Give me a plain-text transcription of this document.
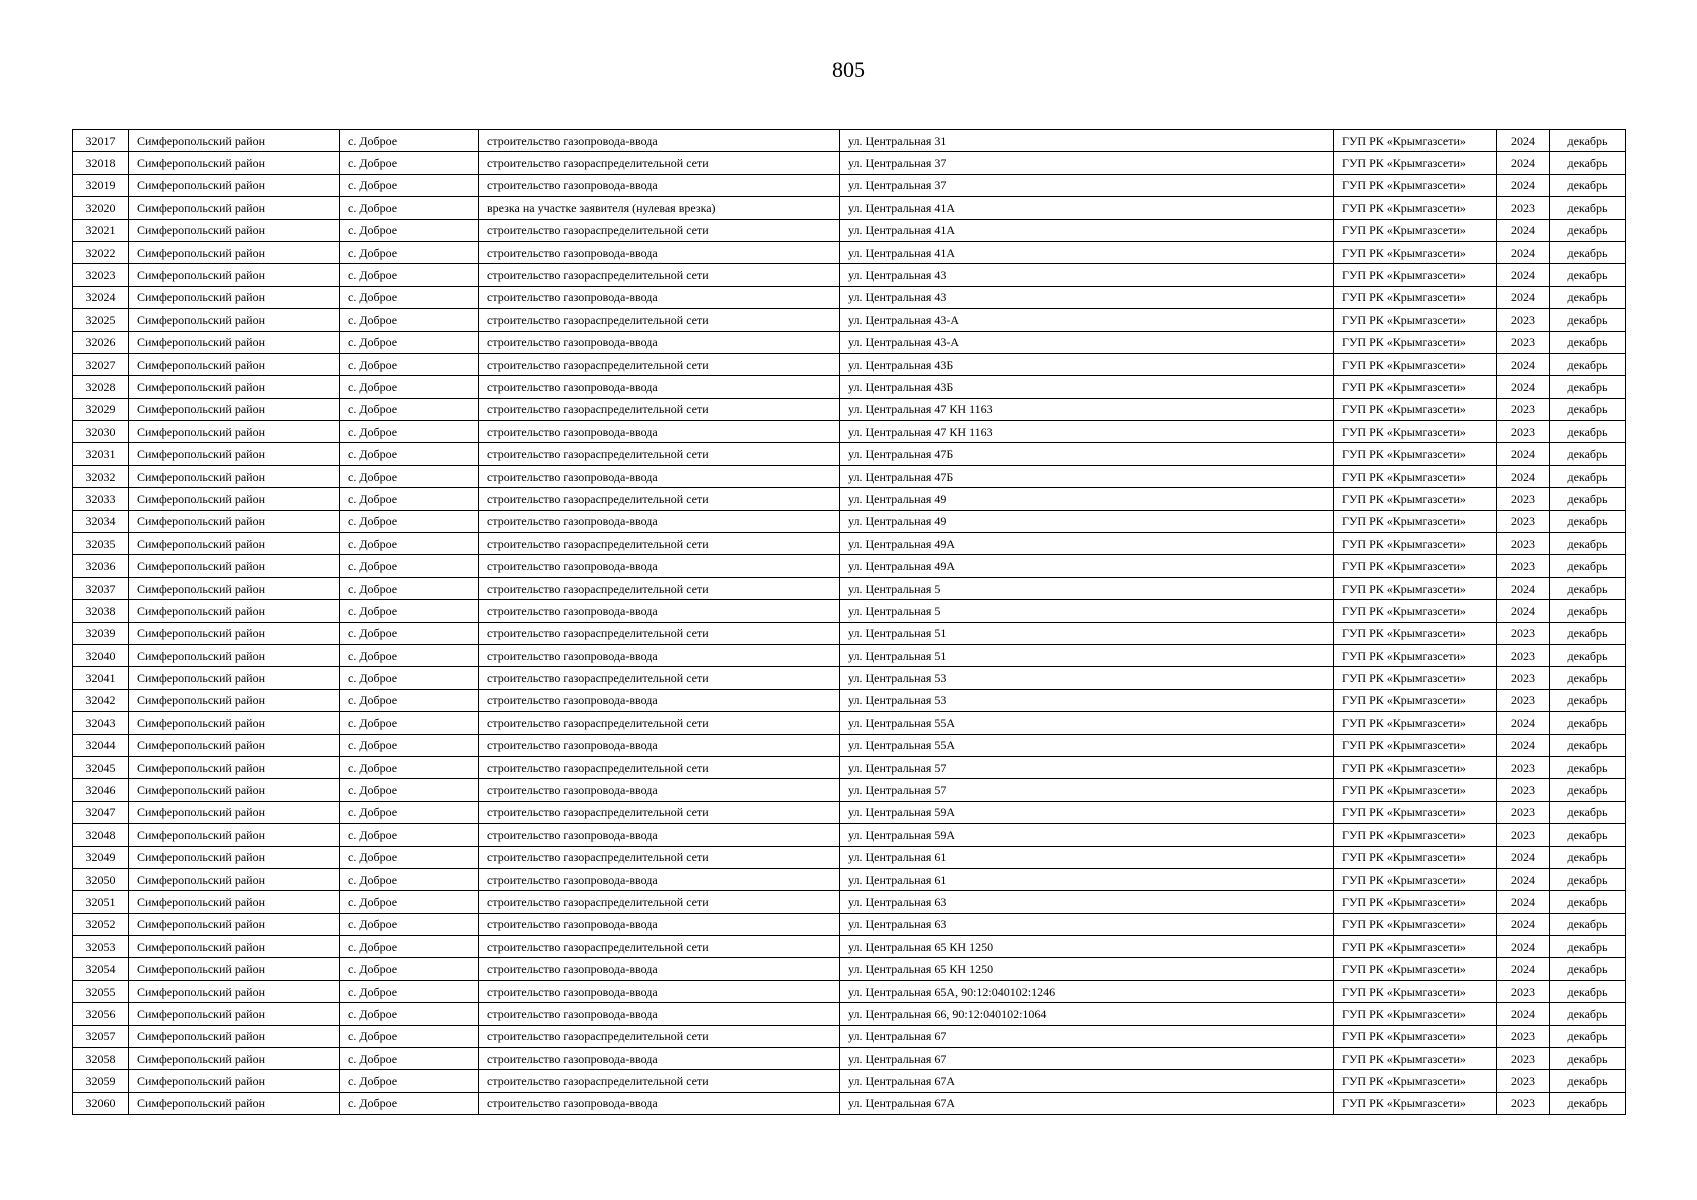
805
32017	Симферопольский район	с. Доброе	строительство газопровода-ввода	ул. Центральная 31	ГУП РК «Крымгазсети»	2024	декабрь
32018	Симферопольский район	с. Доброе	строительство газораспределительной сети	ул. Центральная 37	ГУП РК «Крымгазсети»	2024	декабрь
32019	Симферопольский район	с. Доброе	строительство газопровода-ввода	ул. Центральная 37	ГУП РК «Крымгазсети»	2024	декабрь
32020	Симферопольский район	с. Доброе	врезка на участке заявителя (нулевая врезка)	ул. Центральная 41А	ГУП РК «Крымгазсети»	2023	декабрь
32021	Симферопольский район	с. Доброе	строительство газораспределительной сети	ул. Центральная 41А	ГУП РК «Крымгазсети»	2024	декабрь
32022	Симферопольский район	с. Доброе	строительство газопровода-ввода	ул. Центральная 41А	ГУП РК «Крымгазсети»	2024	декабрь
32023	Симферопольский район	с. Доброе	строительство газораспределительной сети	ул. Центральная 43	ГУП РК «Крымгазсети»	2024	декабрь
32024	Симферопольский район	с. Доброе	строительство газопровода-ввода	ул. Центральная 43	ГУП РК «Крымгазсети»	2024	декабрь
32025	Симферопольский район	с. Доброе	строительство газораспределительной сети	ул. Центральная 43-А	ГУП РК «Крымгазсети»	2023	декабрь
32026	Симферопольский район	с. Доброе	строительство газопровода-ввода	ул. Центральная 43-А	ГУП РК «Крымгазсети»	2023	декабрь
32027	Симферопольский район	с. Доброе	строительство газораспределительной сети	ул. Центральная 43Б	ГУП РК «Крымгазсети»	2024	декабрь
32028	Симферопольский район	с. Доброе	строительство газопровода-ввода	ул. Центральная 43Б	ГУП РК «Крымгазсети»	2024	декабрь
32029	Симферопольский район	с. Доброе	строительство газораспределительной сети	ул. Центральная 47 КН 1163	ГУП РК «Крымгазсети»	2023	декабрь
32030	Симферопольский район	с. Доброе	строительство газопровода-ввода	ул. Центральная 47 КН 1163	ГУП РК «Крымгазсети»	2023	декабрь
32031	Симферопольский район	с. Доброе	строительство газораспределительной сети	ул. Центральная 47Б	ГУП РК «Крымгазсети»	2024	декабрь
32032	Симферопольский район	с. Доброе	строительство газопровода-ввода	ул. Центральная 47Б	ГУП РК «Крымгазсети»	2024	декабрь
32033	Симферопольский район	с. Доброе	строительство газораспределительной сети	ул. Центральная 49	ГУП РК «Крымгазсети»	2023	декабрь
32034	Симферопольский район	с. Доброе	строительство газопровода-ввода	ул. Центральная 49	ГУП РК «Крымгазсети»	2023	декабрь
32035	Симферопольский район	с. Доброе	строительство газораспределительной сети	ул. Центральная 49А	ГУП РК «Крымгазсети»	2023	декабрь
32036	Симферопольский район	с. Доброе	строительство газопровода-ввода	ул. Центральная 49А	ГУП РК «Крымгазсети»	2023	декабрь
32037	Симферопольский район	с. Доброе	строительство газораспределительной сети	ул. Центральная 5	ГУП РК «Крымгазсети»	2024	декабрь
32038	Симферопольский район	с. Доброе	строительство газопровода-ввода	ул. Центральная 5	ГУП РК «Крымгазсети»	2024	декабрь
32039	Симферопольский район	с. Доброе	строительство газораспределительной сети	ул. Центральная 51	ГУП РК «Крымгазсети»	2023	декабрь
32040	Симферопольский район	с. Доброе	строительство газопровода-ввода	ул. Центральная 51	ГУП РК «Крымгазсети»	2023	декабрь
32041	Симферопольский район	с. Доброе	строительство газораспределительной сети	ул. Центральная 53	ГУП РК «Крымгазсети»	2023	декабрь
32042	Симферопольский район	с. Доброе	строительство газопровода-ввода	ул. Центральная 53	ГУП РК «Крымгазсети»	2023	декабрь
32043	Симферопольский район	с. Доброе	строительство газораспределительной сети	ул. Центральная 55А	ГУП РК «Крымгазсети»	2024	декабрь
32044	Симферопольский район	с. Доброе	строительство газопровода-ввода	ул. Центральная 55А	ГУП РК «Крымгазсети»	2024	декабрь
32045	Симферопольский район	с. Доброе	строительство газораспределительной сети	ул. Центральная 57	ГУП РК «Крымгазсети»	2023	декабрь
32046	Симферопольский район	с. Доброе	строительство газопровода-ввода	ул. Центральная 57	ГУП РК «Крымгазсети»	2023	декабрь
32047	Симферопольский район	с. Доброе	строительство газораспределительной сети	ул. Центральная 59А	ГУП РК «Крымгазсети»	2023	декабрь
32048	Симферопольский район	с. Доброе	строительство газопровода-ввода	ул. Центральная 59А	ГУП РК «Крымгазсети»	2023	декабрь
32049	Симферопольский район	с. Доброе	строительство газораспределительной сети	ул. Центральная 61	ГУП РК «Крымгазсети»	2024	декабрь
32050	Симферопольский район	с. Доброе	строительство газопровода-ввода	ул. Центральная 61	ГУП РК «Крымгазсети»	2024	декабрь
32051	Симферопольский район	с. Доброе	строительство газораспределительной сети	ул. Центральная 63	ГУП РК «Крымгазсети»	2024	декабрь
32052	Симферопольский район	с. Доброе	строительство газопровода-ввода	ул. Центральная 63	ГУП РК «Крымгазсети»	2024	декабрь
32053	Симферопольский район	с. Доброе	строительство газораспределительной сети	ул. Центральная 65 КН 1250	ГУП РК «Крымгазсети»	2024	декабрь
32054	Симферопольский район	с. Доброе	строительство газопровода-ввода	ул. Центральная 65 КН 1250	ГУП РК «Крымгазсети»	2024	декабрь
32055	Симферопольский район	с. Доброе	строительство газопровода-ввода	ул. Центральная 65А, 90:12:040102:1246	ГУП РК «Крымгазсети»	2023	декабрь
32056	Симферопольский район	с. Доброе	строительство газопровода-ввода	ул. Центральная 66, 90:12:040102:1064	ГУП РК «Крымгазсети»	2024	декабрь
32057	Симферопольский район	с. Доброе	строительство газораспределительной сети	ул. Центральная 67	ГУП РК «Крымгазсети»	2023	декабрь
32058	Симферопольский район	с. Доброе	строительство газопровода-ввода	ул. Центральная 67	ГУП РК «Крымгазсети»	2023	декабрь
32059	Симферопольский район	с. Доброе	строительство газораспределительной сети	ул. Центральная 67А	ГУП РК «Крымгазсети»	2023	декабрь
32060	Симферопольский район	с. Доброе	строительство газопровода-ввода	ул. Центральная 67А	ГУП РК «Крымгазсети»	2023	декабрь
